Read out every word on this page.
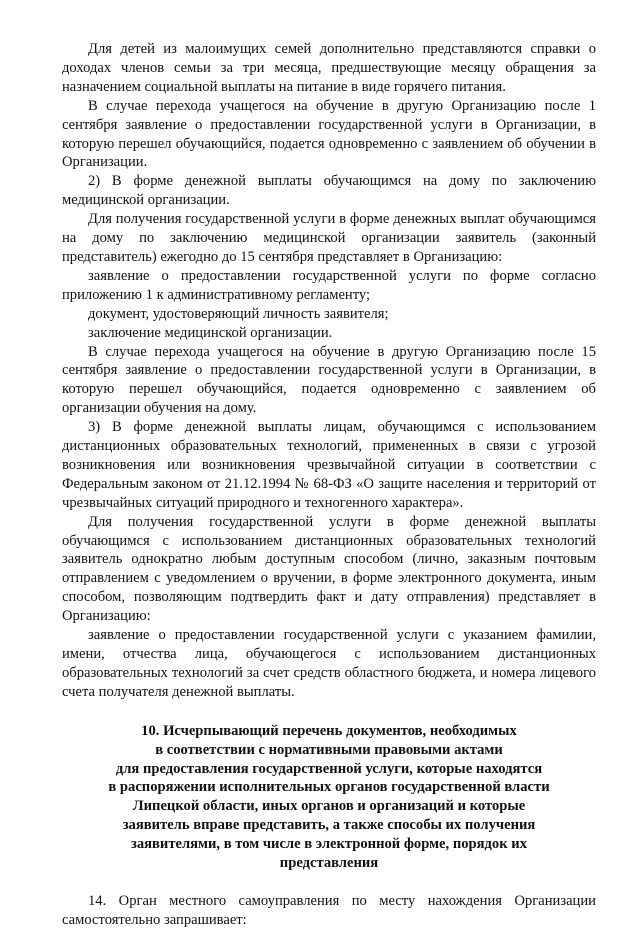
Для детей из малоимущих семей дополнительно представляются справки о доходах членов семьи за три месяца, предшествующие месяцу обращения за назначением социальной выплаты на питание в виде горячего питания.

В случае перехода учащегося на обучение в другую Организацию после 1 сентября заявление о предоставлении государственной услуги в Организации, в которую перешел обучающийся, подается одновременно с заявлением об обучении в Организации.

2) В форме денежной выплаты обучающимся на дому по заключению медицинской организации.

Для получения государственной услуги в форме денежных выплат обучающимся на дому по заключению медицинской организации заявитель (законный представитель) ежегодно до 15 сентября представляет в Организацию:

заявление о предоставлении государственной услуги по форме согласно приложению 1 к административному регламенту;

документ, удостоверяющий личность заявителя;

заключение медицинской организации.

В случае перехода учащегося на обучение в другую Организацию после 15 сентября заявление о предоставлении государственной услуги в Организации, в которую перешел обучающийся, подается одновременно с заявлением об организации обучения на дому.

3) В форме денежной выплаты лицам, обучающимся с использованием дистанционных образовательных технологий, примененных в связи с угрозой возникновения или возникновения чрезвычайной ситуации в соответствии с Федеральным законом от 21.12.1994 № 68-ФЗ «О защите населения и территорий от чрезвычайных ситуаций природного и техногенного характера».

Для получения государственной услуги в форме денежной выплаты обучающимся с использованием дистанционных образовательных технологий заявитель однократно любым доступным способом (лично, заказным почтовым отправлением с уведомлением о вручении, в форме электронного документа, иным способом, позволяющим подтвердить факт и дату отправления) представляет в Организацию:

заявление о предоставлении государственной услуги с указанием фамилии, имени, отчества лица, обучающегося с использованием дистанционных образовательных технологий за счет средств областного бюджета, и номера лицевого счета получателя денежной выплаты.

10. Исчерпывающий перечень документов, необходимых
в соответствии с нормативными правовыми актами
для предоставления государственной услуги, которые находятся
в распоряжении исполнительных органов государственной власти
Липецкой области, иных органов и организаций и которые
заявитель вправе представить, а также способы их получения
заявителями, в том числе в электронной форме, порядок их
представления

14. Орган местного самоуправления по месту нахождения Организации самостоятельно запрашивает:
